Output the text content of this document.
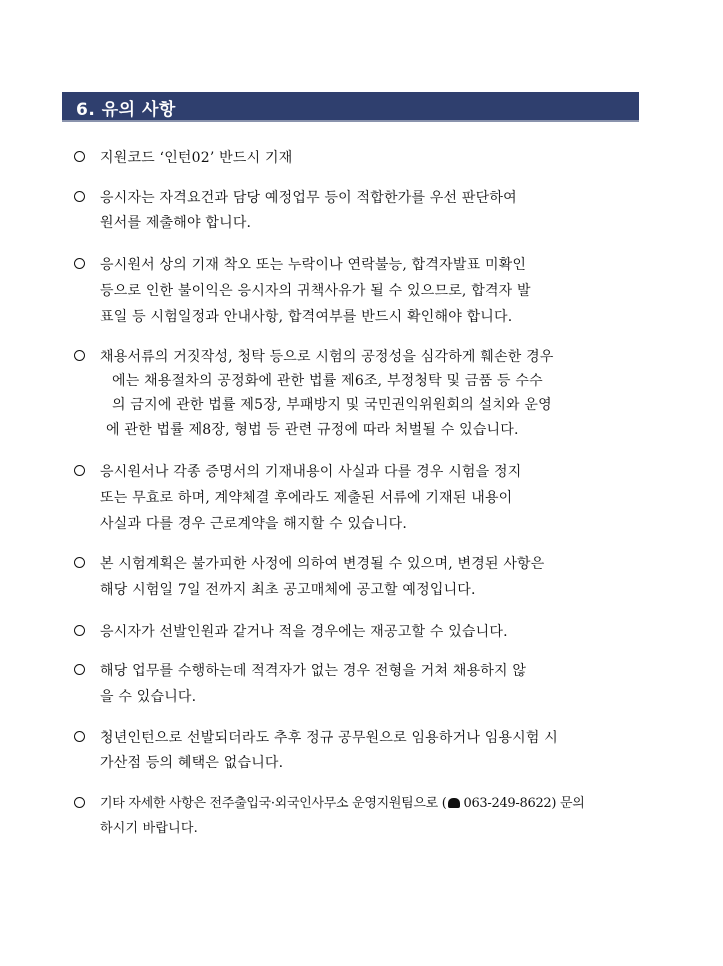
6. 유의 사항
지원코드 ‘인턴02’ 반드시 기재
응시자는 자격요건과 담당 예정업무 등이 적합한가를 우선 판단하여
원서를 제출해야 합니다.
응시원서 상의 기재 착오 또는 누락이나 연락불능, 합격자발표 미확인
등으로 인한 불이익은 응시자의 귀책사유가 될 수 있으므로, 합격자 발
표일 등 시험일정과 안내사항, 합격여부를 반드시 확인해야 합니다.
채용서류의 거짓작성, 청탁 등으로 시험의 공정성을 심각하게 훼손한 경우
에는 채용절차의 공정화에 관한 법률 제6조, 부정청탁 및 금품 등 수수
의 금지에 관한 법률 제5장, 부패방지 및 국민권익위원회의 설치와 운영
에 관한 법률 제8장, 형법 등 관련 규정에 따라 처벌될 수 있습니다.
응시원서나 각종 증명서의 기재내용이 사실과 다를 경우 시험을 정지
또는 무효로 하며, 계약체결 후에라도 제출된 서류에 기재된 내용이
사실과 다를 경우 근로계약을 해지할 수 있습니다.
본 시험계획은 불가피한 사정에 의하여 변경될 수 있으며, 변경된 사항은
해당 시험일 7일 전까지 최초 공고매체에 공고할 예정입니다.
응시자가 선발인원과 같거나 적을 경우에는 재공고할 수 있습니다.
해당 업무를 수행하는데 적격자가 없는 경우 전형을 거쳐 채용하지 않
을 수 있습니다.
청년인턴으로 선발되더라도 추후 정규 공무원으로 임용하거나 임용시험 시
가산점 등의 혜택은 없습니다.
기타 자세한 사항은 전주출입국·외국인사무소 운영지원팀으로 ( 063-249-8622) 문의
하시기 바랍니다.
